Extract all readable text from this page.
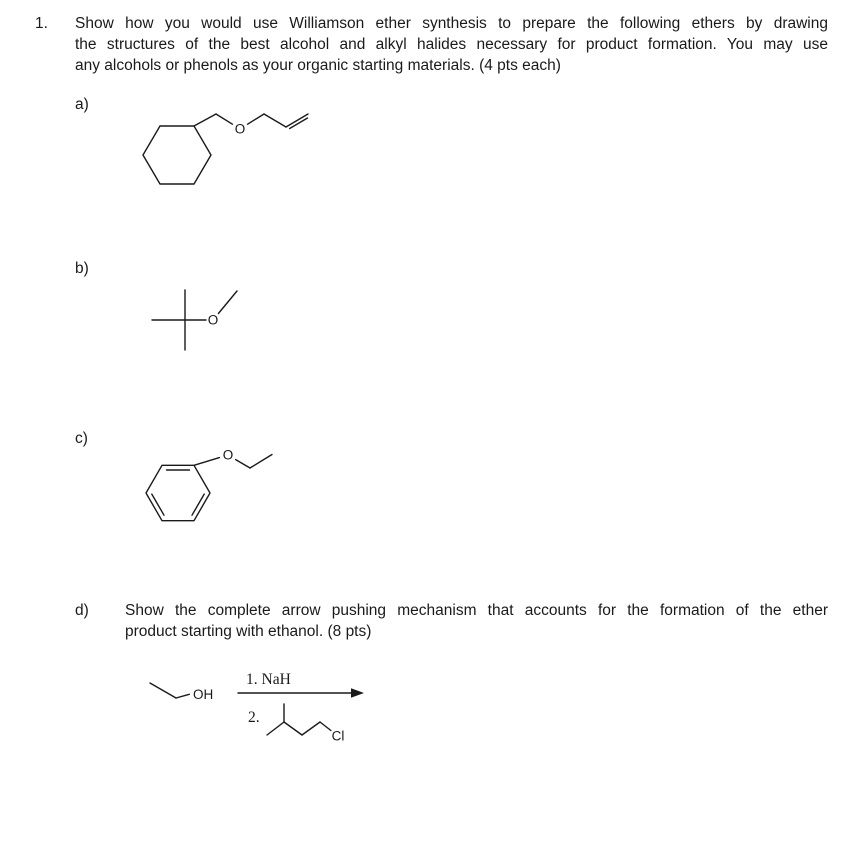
1. Show how you would use Williamson ether synthesis to prepare the following ethers by drawing
the structures of the best alcohol and alkyl halides necessary for product formation. You may use
any alcohols or phenols as your organic starting materials. (4 pts each)
a)
O
b)
O
c)
O
d) Show the complete arrow pushing mechanism that accounts for the formation of the ether
product starting with ethanol. (8 pts)
OH
1. NaH
2.
Cl
